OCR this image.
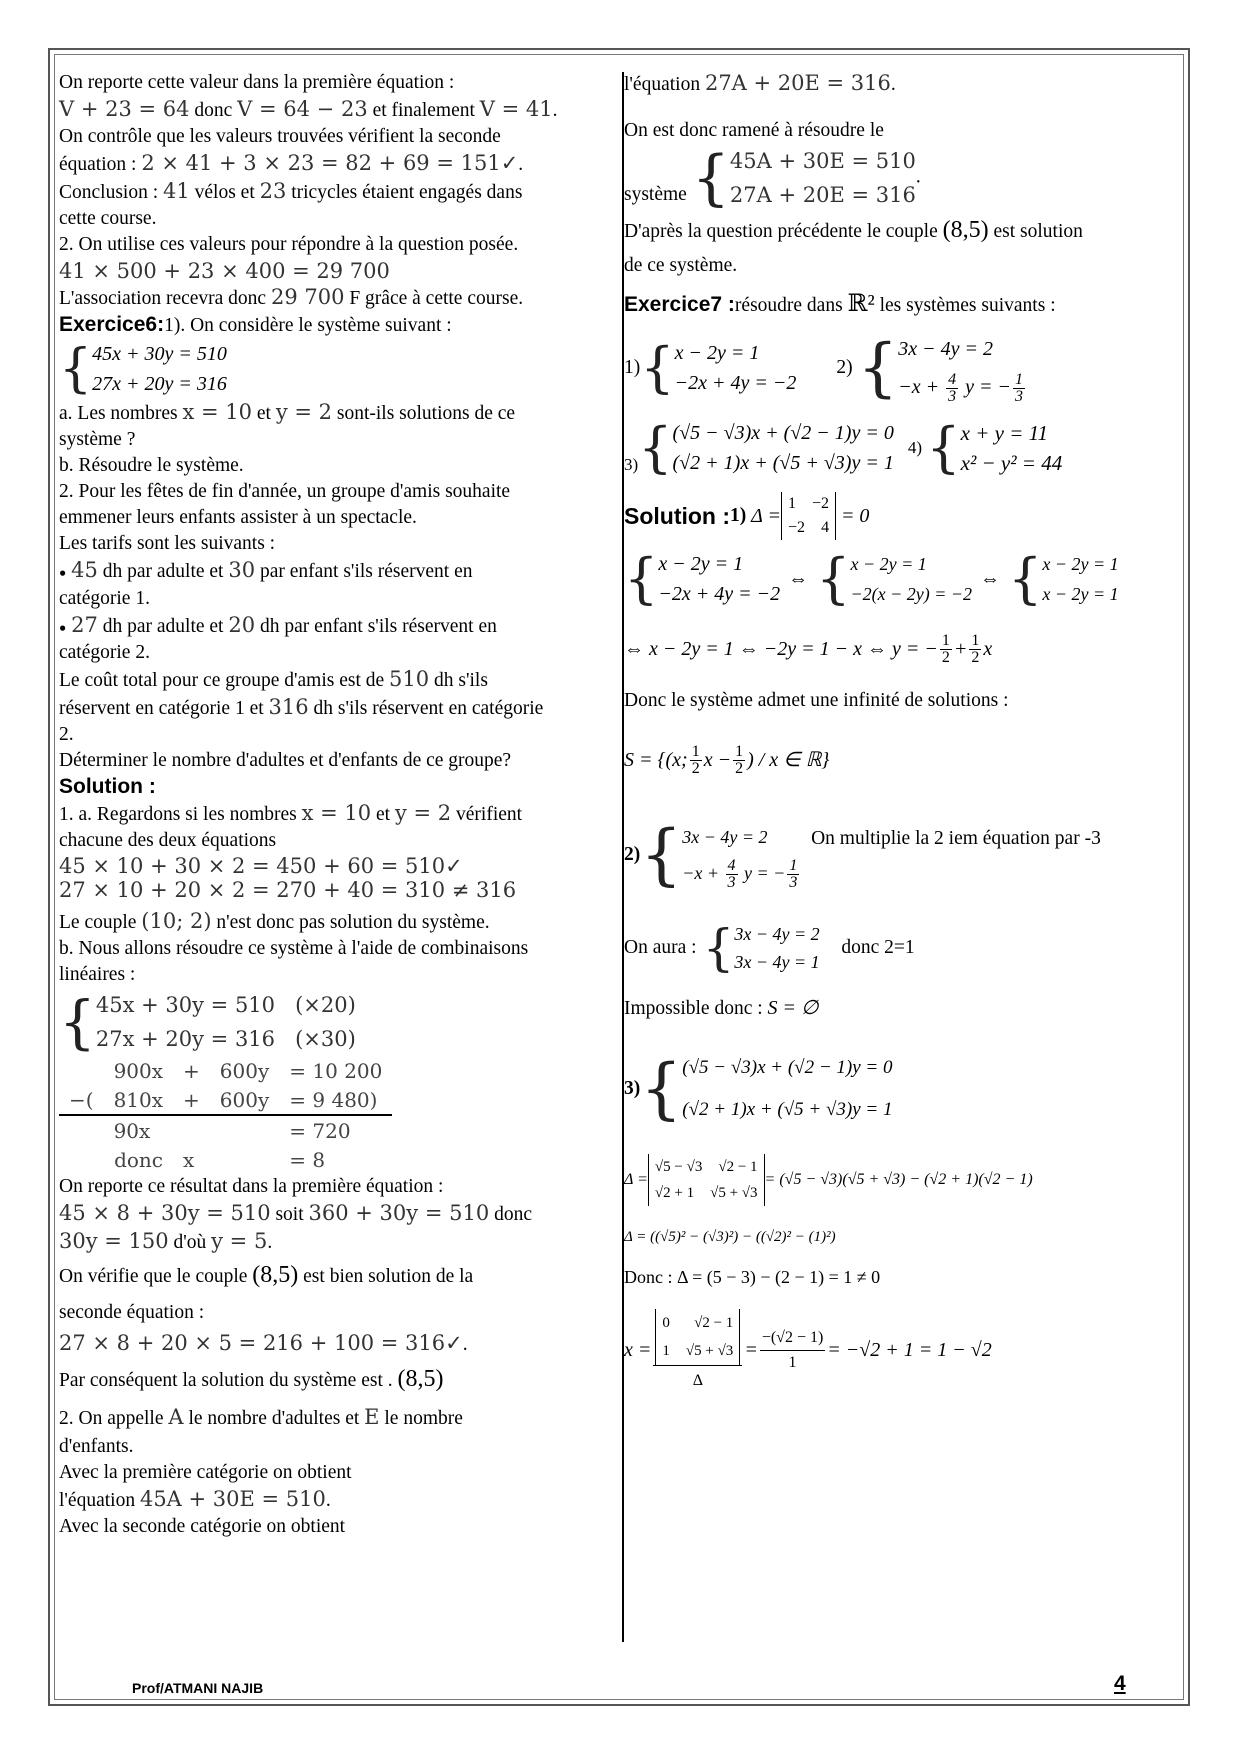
On reporte cette valeur dans la première équation :
V + 23 = 64 donc V = 64 − 23 et finalement V = 41.
On contrôle que les valeurs trouvées vérifient la seconde
équation : 2 × 41 + 3 × 23 = 82 + 69 = 151✓.
Conclusion : 41 vélos et 23 tricycles étaient engagés dans
cette course.
2. On utilise ces valeurs pour répondre à la question posée.
41 × 500 + 23 × 400 = 29 700
L'association recevra donc 29 700 F grâce à cette course.
Exercice6:1). On considère le système suivant :
{ 45x + 30y = 510
27x + 20y = 316
a. Les nombres x = 10 et y = 2 sont-ils solutions de ce
système ?
b. Résoudre le système.
2. Pour les fêtes de fin d'année, un groupe d'amis souhaite
emmener leurs enfants assister à un spectacle.
Les tarifs sont les suivants :
● 45 dh par adulte et 30 par enfant s'ils réservent en
catégorie 1.
● 27 dh par adulte et 20 dh par enfant s'ils réservent en
catégorie 2.
Le coût total pour ce groupe d'amis est de 510 dh s'ils
réservent en catégorie 1 et 316 dh s'ils réservent en catégorie
2.
Déterminer le nombre d'adultes et d'enfants de ce groupe?
Solution :
1. a. Regardons si les nombres x = 10 et y = 2 vérifient
chacune des deux équations
45 × 10 + 30 × 2 = 450 + 60 = 510✓
27 × 10 + 20 × 2 = 270 + 40 = 310 ≠ 316
Le couple (10; 2) n'est donc pas solution du système.
b. Nous allons résoudre ce système à l'aide de combinaisons
linéaires :
{ 45x + 30y = 510 (×20)
27x + 20y = 316 (×30)
	900x	+	600y	= 10 200
−(	810x	+	600y	= 9 480)
	90x			= 720
	donc	x		= 8
On reporte ce résultat dans la première équation :
45 × 8 + 30y = 510 soit 360 + 30y = 510 donc
30y = 150 d'où y = 5.
On vérifie que le couple (8,5) est bien solution de la
seconde équation :
27 × 8 + 20 × 5 = 216 + 100 = 316✓.
Par conséquent la solution du système est . (8,5)
2. On appelle A le nombre d'adultes et E le nombre
d'enfants.
Avec la première catégorie on obtient
l'équation 45A + 30E = 510.
Avec la seconde catégorie on obtient
l'équation 27A + 20E = 316.
On est donc ramené à résoudre le
système { 45A + 30E = 510
27A + 20E = 316
.
D'après la question précédente le couple (8,5) est solution
de ce système.
Exercice7 :résoudre dans ℝ² les systèmes suivants :
1) { x − 2y = 1
−2x + 4y = −2
2)
{ 3x − 4y = 2
$-x + \frac{4}{3}$ y = − $\frac{1}{3}$
3) { (√5 − √3)x + (√2 − 1)y = 0
(√2 + 1)x + (√5 + √3)y = 1
4)
{ x + y = 11
x² − y² = 44
Solution : 1)
Δ =
1 −2
−2 4

= 0
{ x − 2y = 1
−2x + 4y = −2
⇔ { x − 2y = 1
−2(x − 2y) = −2
⇔ { x − 2y = 1
x − 2y = 1
⇔ x − 2y = 1 ⇔ −2y = 1 − x ⇔ y = − $\frac{1}{2} + \frac{1}{2}$ x
Donc le système admet une infinité de solutions :
S = {(x; $\frac{1}{2}$ $x - \frac{1}{2}$ ) / x ∈ ℝ}
2) { 3x − 4y = 2
$-x + \frac{4}{3}$ y = − $\frac{1}{3}$

On multiplie la 2 iem équation par -3
On aura : { 3x − 4y = 2
3x − 4y = 1

donc 2=1
Impossible donc : S = ∅
3) { (√5 − √3)x + (√2 − 1)y = 0
(√2 + 1)x + (√5 + √3)y = 1
Δ =
√5 − √3 √2 − 1
√2 + 1 √5 + √3
= (√5 − √3)(√5 + √3) − (√2 + 1)(√2 − 1)
Δ = ((√5)² − (√3)²) − ((√2)² − (1)²)
Donc : Δ = (5 − 3) − (2 − 1) = 1 ≠ 0
x = 0 √2 − 1
1 √5 + √3
$\Delta = \frac{-(√2 - 1)}{1} = -√2 + 1 = 1 - √2$
Prof/ATMANI NAJIB	4
